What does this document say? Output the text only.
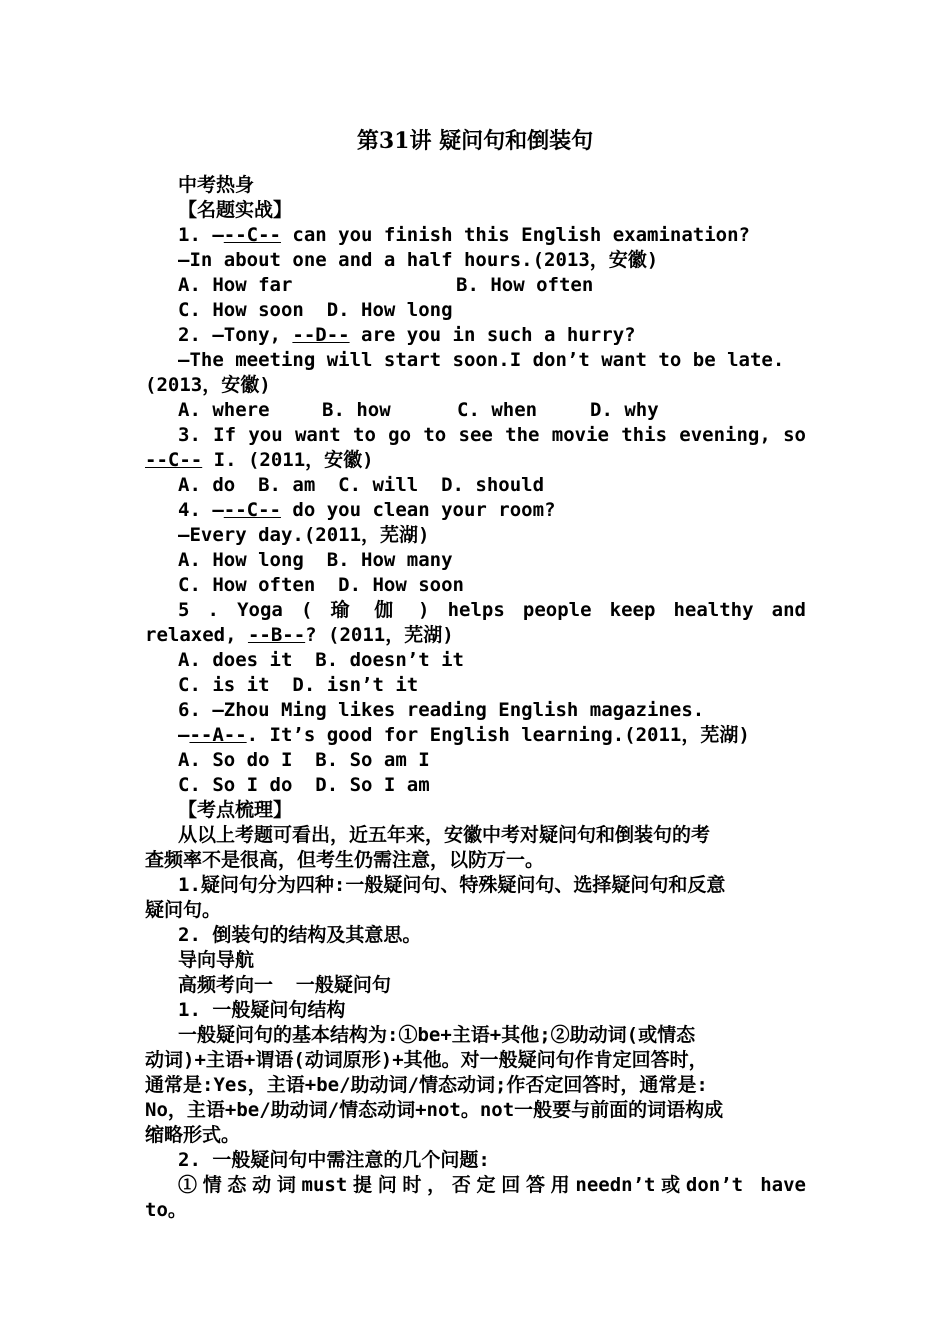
第31讲 疑问句和倒装句
中考热身
【名题实战】
1. —--C-- can you finish this English examination?
—In about one and a half hours.(2013，安徽)
A. How far	B. How often
C. How soon  D. How long
2. —Tony, --D-- are you in such a hurry?
—The meeting will start soon.I don’t want to be late.
(2013，安徽)
A. where	B. how	C. when	D. why
3. If you want to go to see the movie this evening, so
--C-- I. (2011，安徽)
A. do  B. am  C. will  D. should
4. —--C-- do you clean your room?
—Every day.(2011，芜湖)
A. How long  B. How many
C. How often  D. How soon
5 . Yoga ( 瑜 伽 ) helps people keep healthy and
relaxed, --B--? (2011，芜湖)
A. does it  B. doesn’t it
C. is it  D. isn’t it
6. —Zhou Ming likes reading English magazines.
—--A--. It’s good for English learning.(2011，芜湖)
A. So do I  B. So am I
C. So I do  D. So I am
【考点梳理】
从以上考题可看出，近五年来，安徽中考对疑问句和倒装句的考
查频率不是很高，但考生仍需注意，以防万一。
1.疑问句分为四种:一般疑问句、特殊疑问句、选择疑问句和反意
疑问句。
2. 倒装句的结构及其意思。
导向导航
高频考向一  一般疑问句
1. 一般疑问句结构
一般疑问句的基本结构为:①be+主语+其他;②助动词(或情态
动词)+主语+谓语(动词原形)+其他。对一般疑问句作肯定回答时，
通常是:Yes，主语+be/助动词/情态动词;作否定回答时，通常是:
No，主语+be/助动词/情态动词+not。not一般要与前面的词语构成
缩略形式。
2. 一般疑问句中需注意的几个问题:
①情态动词must提问时，否定回答用needn’t或don’t have
to。
